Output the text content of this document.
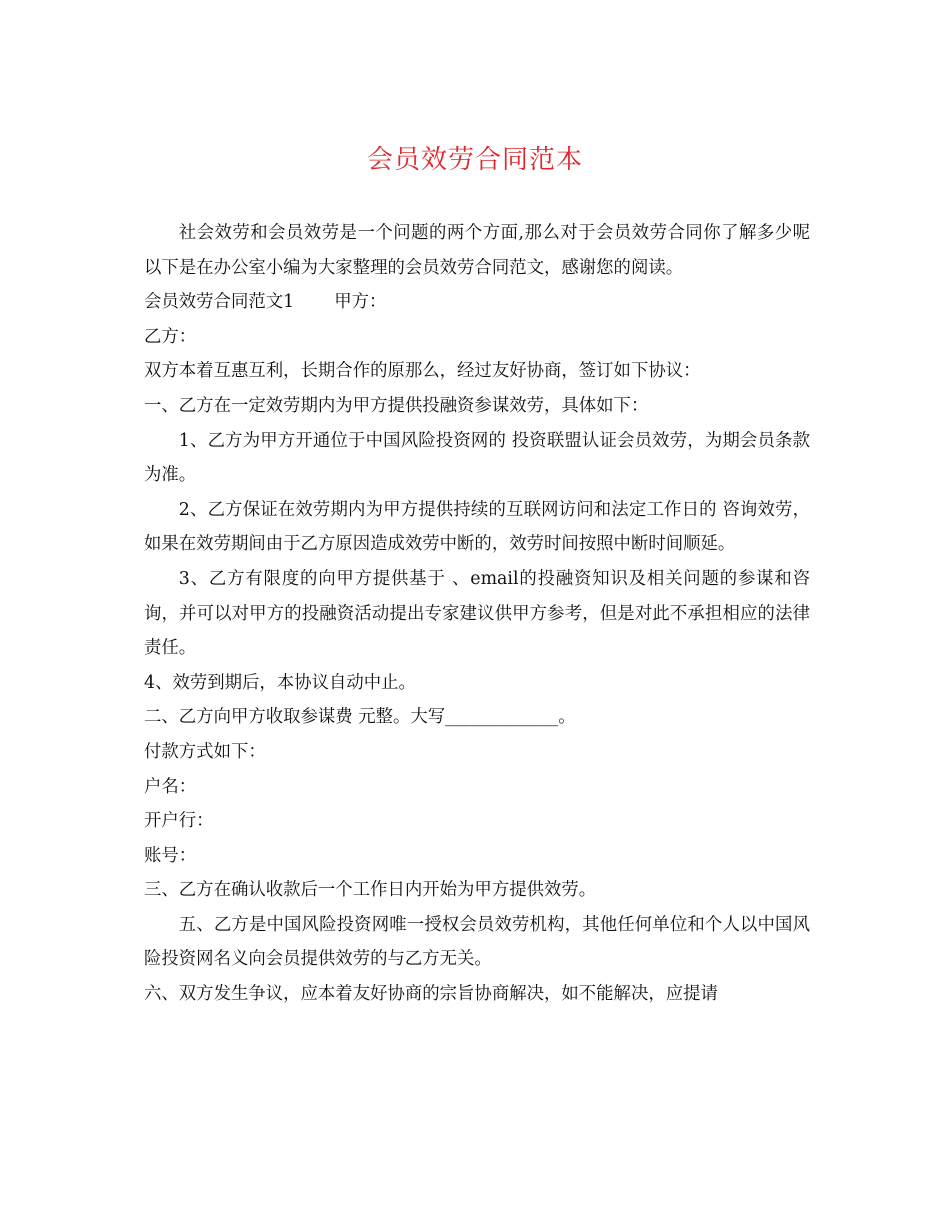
会员效劳合同范本

社会效劳和会员效劳是一个问题的两个方面,那么对于会员效劳合同你了解多少呢以下是在办公室小编为大家整理的会员效劳合同范文，感谢您的阅读。

会员效劳合同范文1 甲方：

乙方：

双方本着互惠互利，长期合作的原那么，经过友好协商，签订如下协议：

一、乙方在一定效劳期内为甲方提供投融资参谋效劳，具体如下：

1、乙方为甲方开通位于中国风险投资网的 投资联盟认证会员效劳，为期会员条款为准。

2、乙方保证在效劳期内为甲方提供持续的互联网访问和法定工作日的 咨询效劳，如果在效劳期间由于乙方原因造成效劳中断的，效劳时间按照中断时间顺延。

3、乙方有限度的向甲方提供基于 、email的投融资知识及相关问题的参谋和咨询，并可以对甲方的投融资活动提出专家建议供甲方参考，但是对此不承担相应的法律责任。

4、效劳到期后，本协议自动中止。

二、乙方向甲方收取参谋费 元整。大写_____________。

付款方式如下：

户名：

开户行：

账号：

三、乙方在确认收款后一个工作日内开始为甲方提供效劳。

五、乙方是中国风险投资网唯一授权会员效劳机构，其他任何单位和个人以中国风险投资网名义向会员提供效劳的与乙方无关。

六、双方发生争议，应本着友好协商的宗旨协商解决，如不能解决，应提请
